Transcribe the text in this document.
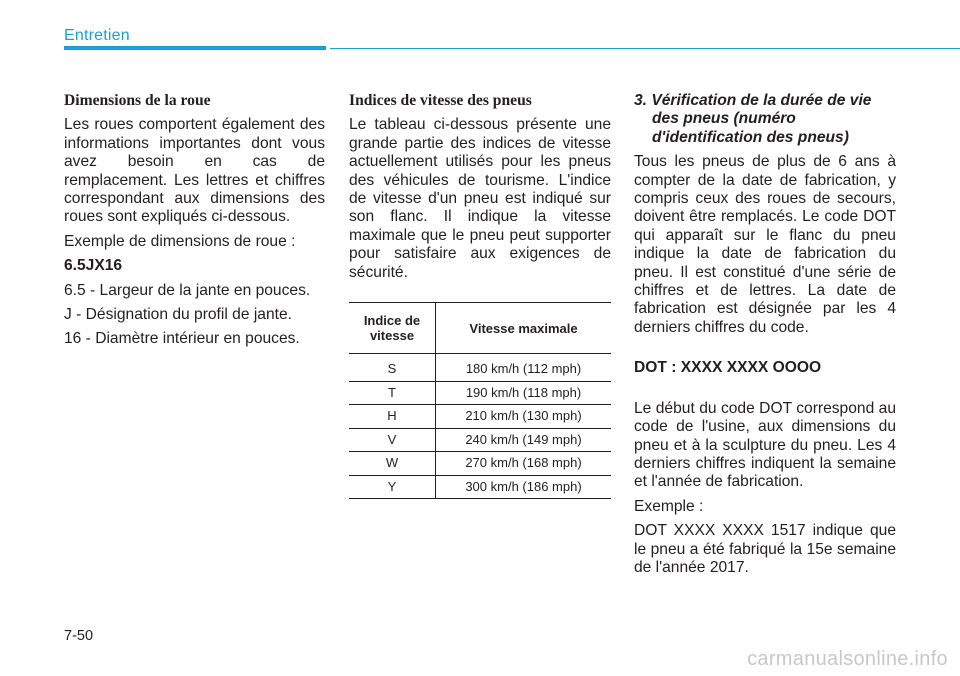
Entretien
Dimensions de la roue

Les roues comportent également des informations importantes dont vous avez besoin en cas de remplacement. Les lettres et chiffres correspondant aux dimensions des roues sont expliqués ci-dessous.

Exemple de dimensions de roue :

6.5JX16

6.5 - Largeur de la jante en pouces.

J - Désignation du profil de jante.

16 - Diamètre intérieur en pouces.

Indices de vitesse des pneus

Le tableau ci-dessous présente une grande partie des indices de vitesse actuellement utilisés pour les pneus des véhicules de tourisme. L'indice de vitesse d'un pneu est indiqué sur son flanc. Il indique la vitesse maximale que le pneu peut supporter pour satisfaire aux exigences de sécurité.

Indice de vitesse	Vitesse maximale
S	180 km/h (112 mph)
T	190 km/h (118 mph)
H	210 km/h (130 mph)
V	240 km/h (149 mph)
W	270 km/h (168 mph)
Y	300 km/h (186 mph)
3. Vérification de la durée de vie des pneus (numéro d'identification des pneus)

Tous les pneus de plus de 6 ans à compter de la date de fabrication, y compris ceux des roues de secours, doivent être remplacés. Le code DOT qui apparaît sur le flanc du pneu indique la date de fabrication du pneu. Il est constitué d'une série de chiffres et de lettres. La date de fabrication est désignée par les 4 derniers chiffres du code.

DOT : XXXX XXXX OOOO

Le début du code DOT correspond au code de l'usine, aux dimensions du pneu et à la sculpture du pneu. Les 4 derniers chiffres indiquent la semaine et l'année de fabrication.

Exemple :

DOT XXXX XXXX 1517 indique que le pneu a été fabriqué la 15e semaine de l'année 2017.

7-50
carmanualsonline.info
